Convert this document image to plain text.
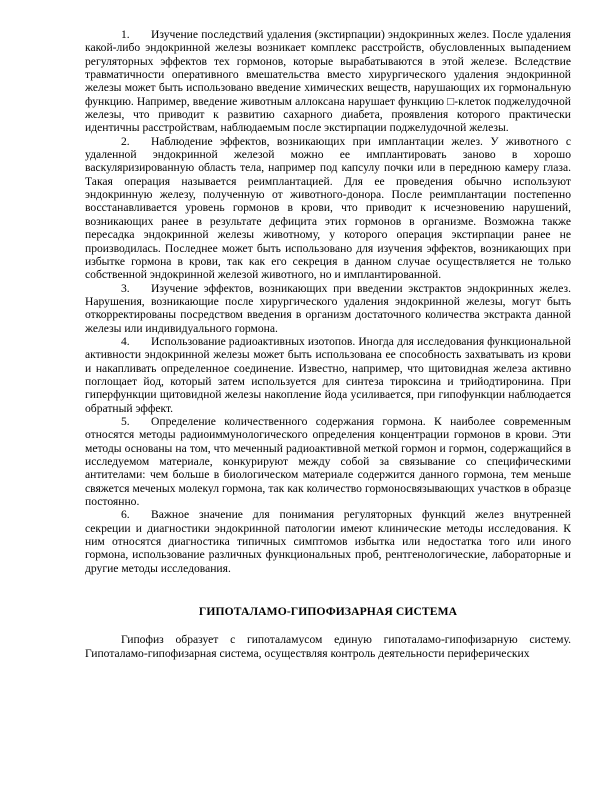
1. Изучение последствий удаления (экстирпации) эндокринных желез. После удаления какой-либо эндокринной железы возникает комплекс расстройств, обусловленных выпадением регуляторных эффектов тех гормонов, которые вырабатываются в этой железе. Вследствие травматичности оперативного вмешательства вместо хирургического удаления эндокринной железы может быть использовано введение химических веществ, нарушающих их гормональную функцию. Например, введение животным аллоксана нарушает функцию □-клеток поджелудочной железы, что приводит к развитию сахарного диабета, проявления которого практически идентичны расстройствам, наблюдаемым после экстирпации поджелудочной железы.

2. Наблюдение эффектов, возникающих при имплантации желез. У животного с удаленной эндокринной железой можно ее имплантировать заново в хорошо васкуляризированную область тела, например под капсулу почки или в переднюю камеру глаза. Такая операция называется реимплантацией. Для ее проведения обычно используют эндокринную железу, полученную от животного-донора. После реимплантации постепенно восстанавливается уровень гормонов в крови, что приводит к исчезновению нарушений, возникающих ранее в результате дефицита этих гормонов в организме. Возможна также пересадка эндокринной железы животному, у которого операция экстирпации ранее не производилась. Последнее может быть использовано для изучения эффектов, возникающих при избытке гормона в крови, так как его секреция в данном случае осуществляется не только собственной эндокринной железой животного, но и имплантированной.

3. Изучение эффектов, возникающих при введении экстрактов эндокринных желез. Нарушения, возникающие после хирургического удаления эндокринной железы, могут быть откорректированы посредством введения в организм достаточного количества экстракта данной железы или индивидуального гормона.

4. Использование радиоактивных изотопов. Иногда для исследования функциональной активности эндокринной железы может быть использована ее способность захватывать из крови и накапливать определенное соединение. Известно, например, что щитовидная железа активно поглощает йод, который затем используется для синтеза тироксина и трийодтиронина. При гиперфункции щитовидной железы накопление йода усиливается, при гипофункции наблюдается обратный эффект.

5. Определение количественного содержания гормона. К наиболее современным относятся методы радиоиммунологического определения концентрации гормонов в крови. Эти методы основаны на том, что меченный радиоактивной меткой гормон и гормон, содержащийся в исследуемом материале, конкурируют между собой за связывание со специфическими антителами: чем больше в биологическом материале содержится данного гормона, тем меньше свяжется меченых молекул гормона, так как количество гормоносвязывающих участков в образце постоянно.

6. Важное значение для понимания регуляторных функций желез внутренней секреции и диагностики эндокринной патологии имеют клинические методы исследования. К ним относятся диагностика типичных симптомов избытка или недостатка того или иного гормона, использование различных функциональных проб, рентгенологические, лабораторные и другие методы исследования.

ГИПОТАЛАМО-ГИПОФИЗАРНАЯ СИСТЕМА

Гипофиз образует с гипоталамусом единую гипоталамо-гипофизарную систему. Гипоталамо-гипофизарная система, осуществляя контроль деятельности периферических
